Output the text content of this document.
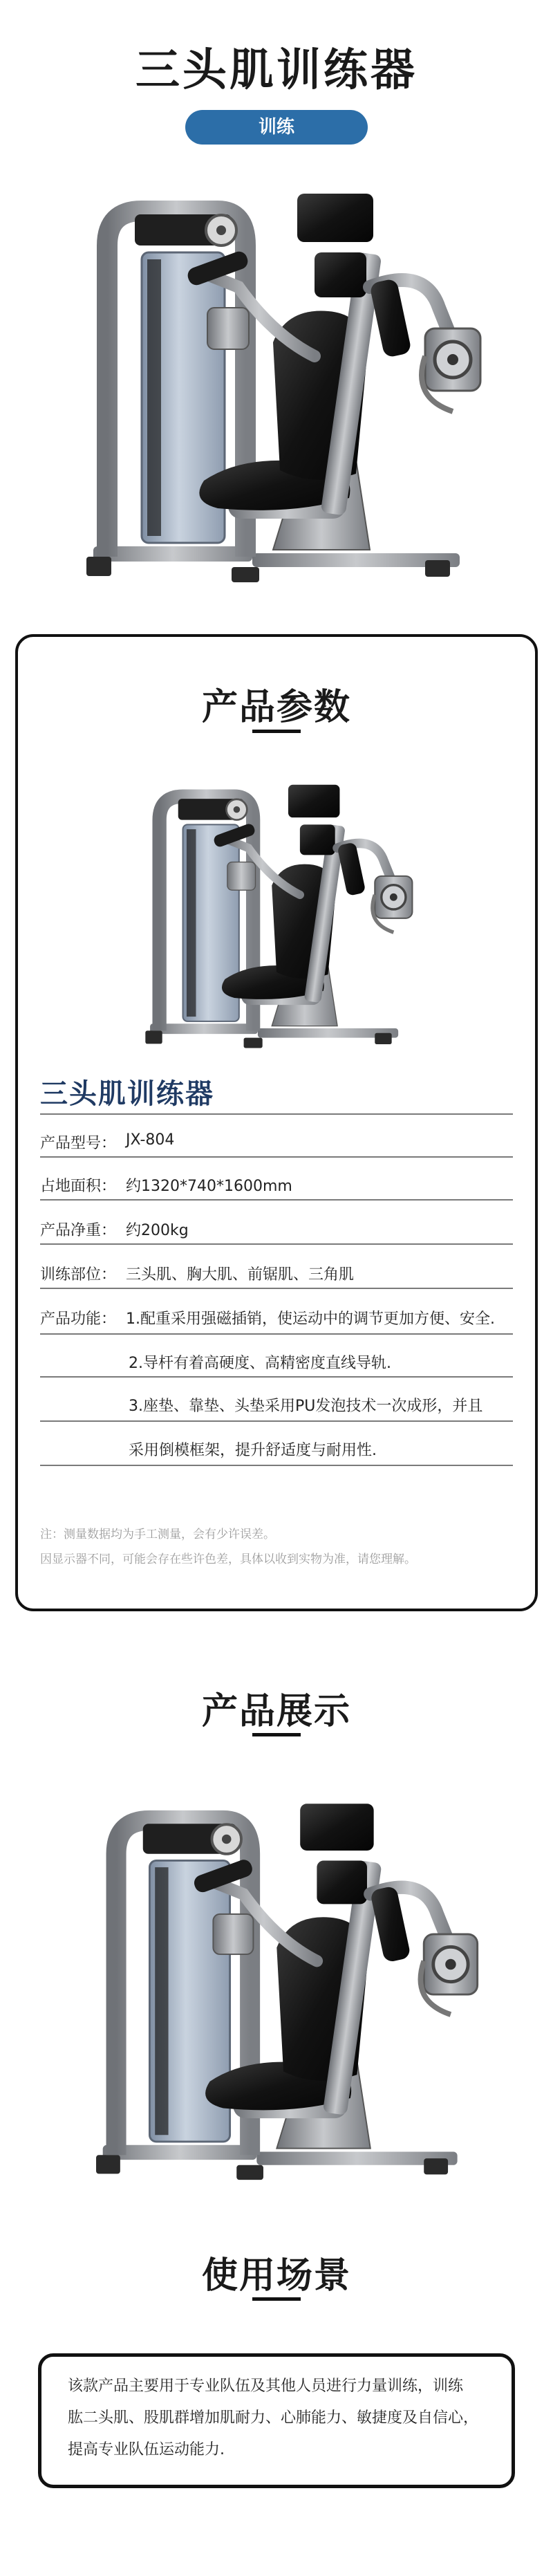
三头肌训练器
训练
产品参数
三头肌训练器
产品型号： JX-804
占地面积： 约1320*740*1600mm
产品净重： 约200kg
训练部位： 三头肌、胸大肌、前锯肌、三角肌
产品功能： 1.配重采用强磁插销，使运动中的调节更加方便、安全.
2.导杆有着高硬度、高精密度直线导轨.
3.座垫、靠垫、头垫采用PU发泡技术一次成形，并且
采用倒模框架，提升舒适度与耐用性.
注：测量数据均为手工测量，会有少许误差。
因显示器不同，可能会存在些许色差，具体以收到实物为准，请您理解。
产品展示
使用场景
该款产品主要用于专业队伍及其他人员进行力量训练，训练
肱二头肌、股肌群增加肌耐力、心肺能力、敏捷度及自信心，
提高专业队伍运动能力.
